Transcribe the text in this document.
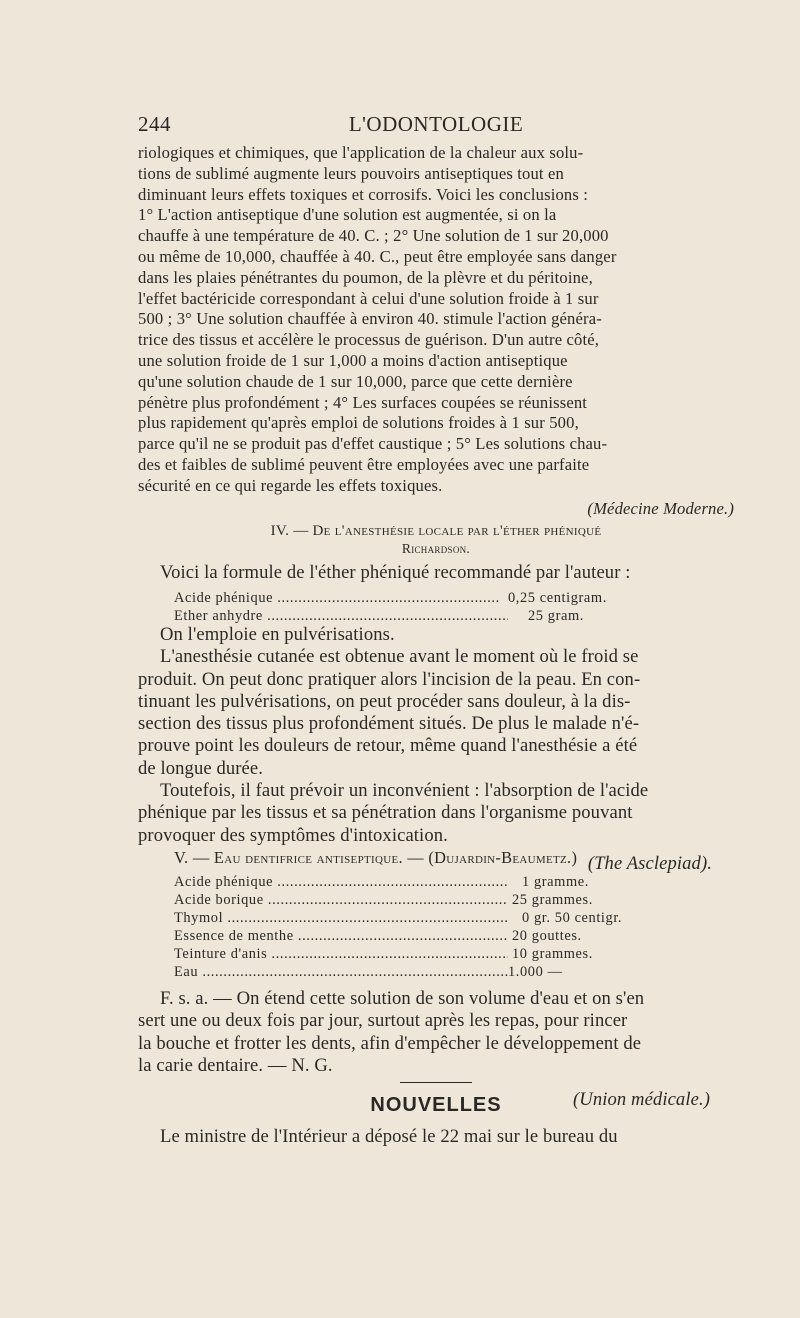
244	L'ODONTOLOGIE

riologiques et chimiques, que l'application de la chaleur aux solu-

tions de sublimé augmente leurs pouvoirs antiseptiques tout en

diminuant leurs effets toxiques et corrosifs. Voici les conclusions :

1° L'action antiseptique d'une solution est augmentée, si on la

chauffe à une température de 40. C. ; 2° Une solution de 1 sur 20,000

ou même de 10,000, chauffée à 40. C., peut être employée sans danger

dans les plaies pénétrantes du poumon, de la plèvre et du péritoine,

l'effet bactéricide correspondant à celui d'une solution froide à 1 sur

500 ; 3° Une solution chauffée à environ 40. stimule l'action généra-

trice des tissus et accélère le processus de guérison. D'un autre côté,

une solution froide de 1 sur 1,000 a moins d'action antiseptique

qu'une solution chaude de 1 sur 10,000, parce que cette dernière

pénètre plus profondément ; 4° Les surfaces coupées se réunissent

plus rapidement qu'après emploi de solutions froides à 1 sur 500,

parce qu'il ne se produit pas d'effet caustique ; 5° Les solutions chau-

des et faibles de sublimé peuvent être employées avec une parfaite

sécurité en ce qui regarde les effets toxiques.

(Médecine Moderne.)

IV. — De l'anesthésie locale par l'éther phéniqué
Richardson.

Voici la formule de l'éther phéniqué recommandé par l'auteur :

Acide phénique .....	0,25 centigram.
Ether anhydre .....	25 gram.

On l'emploie en pulvérisations.

L'anesthésie cutanée est obtenue avant le moment où le froid se

produit. On peut donc pratiquer alors l'incision de la peau. En con-

tinuant les pulvérisations, on peut procéder sans douleur, à la dis-

section des tissus plus profondément situés. De plus le malade n'é-

prouve point les douleurs de retour, même quand l'anesthésie a été

de longue durée.

Toutefois, il faut prévoir un inconvénient : l'absorption de l'acide

phénique par les tissus et sa pénétration dans l'organisme pouvant

provoquer des symptômes d'intoxication.

(The Asclepiad).

V. — Eau dentifrice antiseptique. — (Dujardin-Beaumetz.)
Acide phénique .....	1 gramme.
Acide borique .....	25 grammes.
Thymol .....	0 gr. 50 centigr.
Essence de menthe .....	20 gouttes.
Teinture d'anis .....	10 grammes.
Eau .....	1.000 —

F. s. a. — On étend cette solution de son volume d'eau et on s'en

sert une ou deux fois par jour, surtout après les repas, pour rincer

la bouche et frotter les dents, afin d'empêcher le développement de

la carie dentaire. — N. G.

(Union médicale.)

NOUVELLES

Le ministre de l'Intérieur a déposé le 22 mai sur le bureau du
